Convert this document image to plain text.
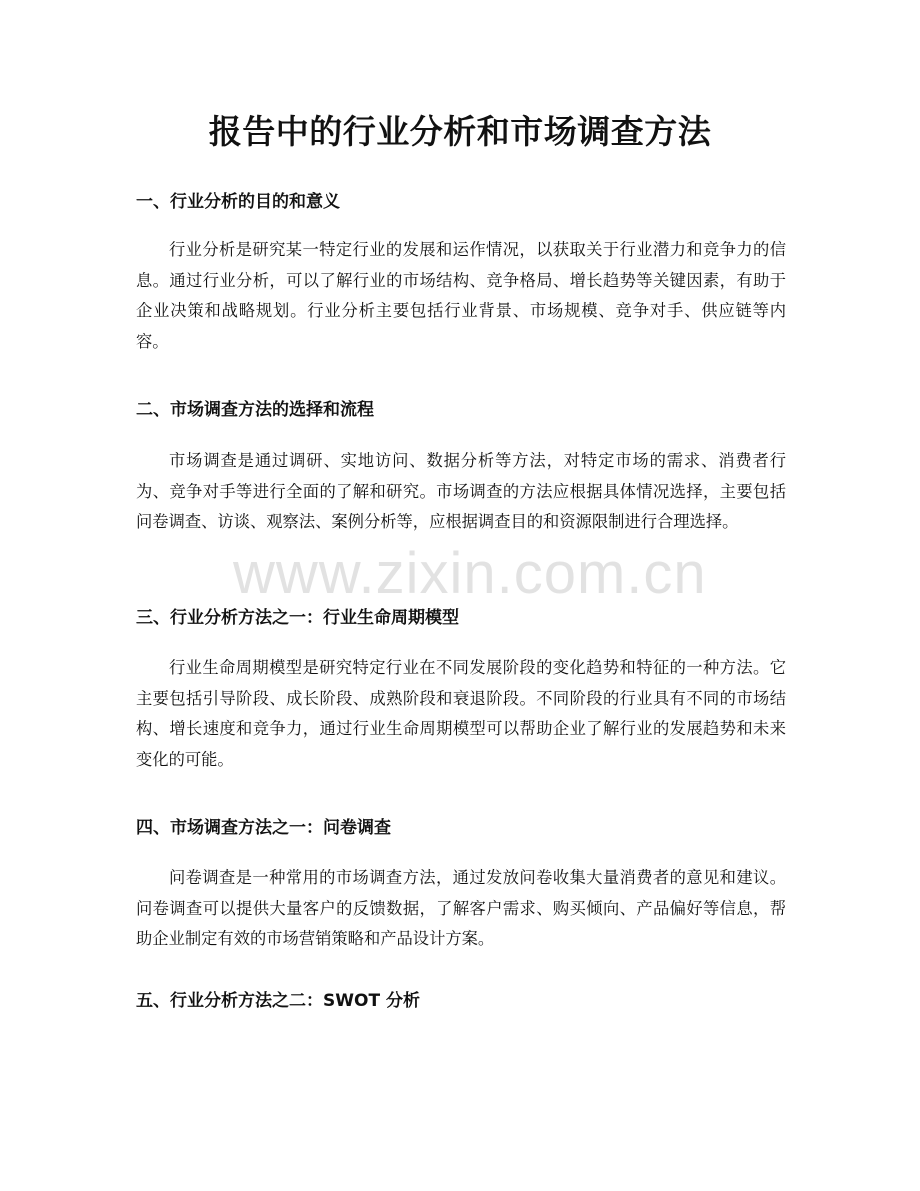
报告中的行业分析和市场调查方法
一、行业分析的目的和意义

行业分析是研究某一特定行业的发展和运作情况，以获取关于行业潜力和竞争力的信息。通过行业分析，可以了解行业的市场结构、竞争格局、增长趋势等关键因素，有助于企业决策和战略规划。行业分析主要包括行业背景、市场规模、竞争对手、供应链等内容。

二、市场调查方法的选择和流程

市场调查是通过调研、实地访问、数据分析等方法，对特定市场的需求、消费者行为、竞争对手等进行全面的了解和研究。市场调查的方法应根据具体情况选择，主要包括问卷调查、访谈、观察法、案例分析等，应根据调查目的和资源限制进行合理选择。

三、行业分析方法之一：行业生命周期模型

行业生命周期模型是研究特定行业在不同发展阶段的变化趋势和特征的一种方法。它主要包括引导阶段、成长阶段、成熟阶段和衰退阶段。不同阶段的行业具有不同的市场结构、增长速度和竞争力，通过行业生命周期模型可以帮助企业了解行业的发展趋势和未来变化的可能。

四、市场调查方法之一：问卷调查

问卷调查是一种常用的市场调查方法，通过发放问卷收集大量消费者的意见和建议。问卷调查可以提供大量客户的反馈数据，了解客户需求、购买倾向、产品偏好等信息，帮助企业制定有效的市场营销策略和产品设计方案。

五、行业分析方法之二：SWOT 分析
www.zixin.com.cn
